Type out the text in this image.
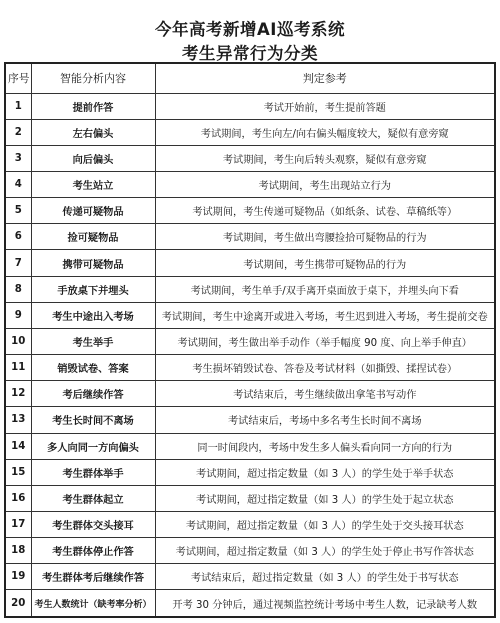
今年高考新增AI巡考系统
考生异常行为分类
序号	智能分析内容	判定参考
1	提前作答	考试开始前，考生提前答题
2	左右偏头	考试期间，考生向左/向右偏头幅度较大，疑似有意旁窥
3	向后偏头	考试期间，考生向后转头观察，疑似有意旁窥
4	考生站立	考试期间，考生出现站立行为
5	传递可疑物品	考试期间，考生传递可疑物品（如纸条、试卷、草稿纸等）
6	捡可疑物品	考试期间，考生做出弯腰捡拾可疑物品的行为
7	携带可疑物品	考试期间，考生携带可疑物品的行为
8	手放桌下并埋头	考试期间，考生单手/双手离开桌面放于桌下，并埋头向下看
9	考生中途出入考场	考试期间，考生中途离开或进入考场，考生迟到进入考场，考生提前交卷
10	考生举手	考试期间，考生做出举手动作（举手幅度 90 度、向上举手伸直）
11	销毁试卷、答案	考生损坏销毁试卷、答卷及考试材料（如撕毁、揉捏试卷）
12	考后继续作答	考试结束后，考生继续做出拿笔书写动作
13	考生长时间不离场	考试结束后，考场中多名考生长时间不离场
14	多人向同一方向偏头	同一时间段内，考场中发生多人偏头看向同一方向的行为
15	考生群体举手	考试期间，超过指定数量（如 3 人）的学生处于举手状态
16	考生群体起立	考试期间，超过指定数量（如 3 人）的学生处于起立状态
17	考生群体交头接耳	考试期间，超过指定数量（如 3 人）的学生处于交头接耳状态
18	考生群体停止作答	考试期间，超过指定数量（如 3 人）的学生处于停止书写作答状态
19	考生群体考后继续作答	考试结束后，超过指定数量（如 3 人）的学生处于书写状态
20	考生人数统计（缺考率分析）	开考 30 分钟后，通过视频监控统计考场中考生人数，记录缺考人数
